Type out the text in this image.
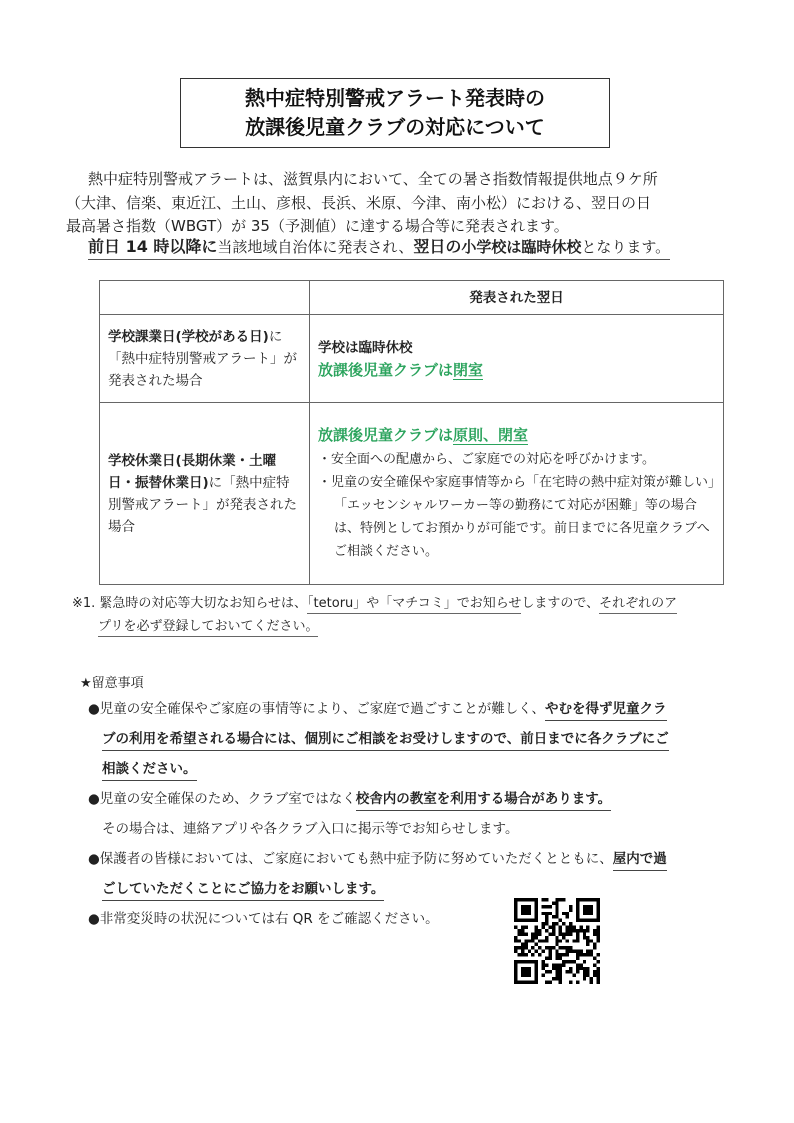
熱中症特別警戒アラート発表時の
放課後児童クラブの対応について

熱中症特別警戒アラートは、滋賀県内において、全ての暑さ指数情報提供地点９ケ所

（大津、信楽、東近江、土山、彦根、長浜、米原、今津、南小松）における、翌日の日

最高暑さ指数（WBGT）が 35（予測値）に達する場合等に発表されます。

前日 14 時以降に当該地域自治体に発表され、翌日の小学校は臨時休校となります。
	発表された翌日
学校課業日(学校がある日)に「熱中症特別警戒アラート」が発表された場合	学校は臨時休校
放課後児童クラブは閉室

学校休業日(長期休業・土曜日・振替休業日)に「熱中症特別警戒アラート」が発表された場合	放課後児童クラブは原則、閉室
・安全面への配慮から、ご家庭での対応を呼びかけます。
・児童の安全確保や家庭事情等から「在宅時の熱中症対策が難しい」「エッセンシャルワーカー等の勤務にて対応が困難」等の場合は、特例としてお預かりが可能です。前日までに各児童クラブへご相談ください。
※1. 緊急時の対応等大切なお知らせは、「tetoru」や「マチコミ」でお知らせしますので、それぞれのア
プリを必ず登録しておいてください。
★留意事項
●児童の安全確保やご家庭の事情等により、ご家庭で過ごすことが難しく、やむを得ず児童クラ
ブの利用を希望される場合には、個別にご相談をお受けしますので、前日までに各クラブにご
相談ください。
●児童の安全確保のため、クラブ室ではなく校舎内の教室を利用する場合があります。
その場合は、連絡アプリや各クラブ入口に掲示等でお知らせします。
●保護者の皆様においては、ご家庭においても熱中症予防に努めていただくとともに、屋内で過
ごしていただくことにご協力をお願いします。
●非常変災時の状況については右 QR をご確認ください。
